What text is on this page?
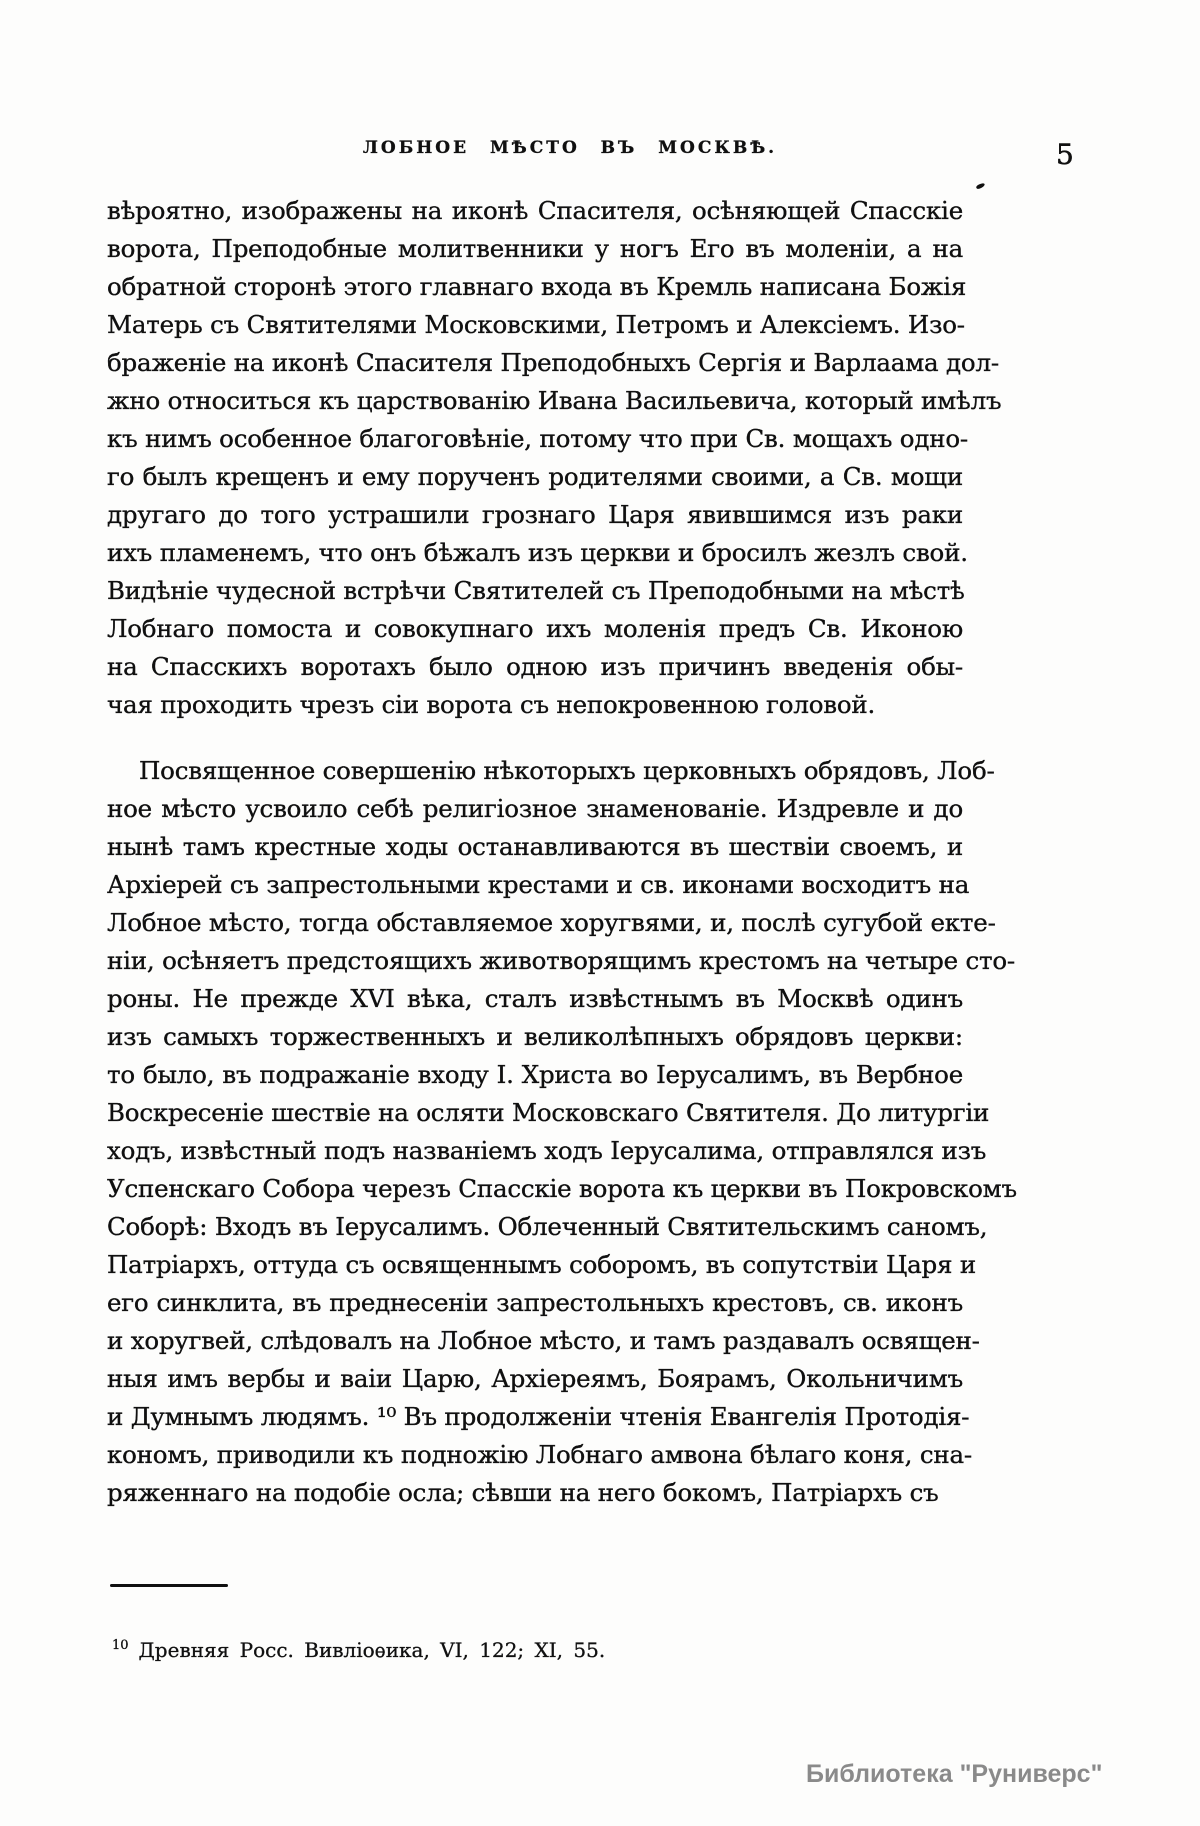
ЛОБНОЕ МѢСТО ВЪ МОСКВѢ.	5
вѣроятно, изображены на иконѣ Спасителя, осѣняющей Спасскіе
ворота, Преподобные молитвенники у ногъ Его въ моленіи, а на
обратной сторонѣ этого главнаго входа въ Кремль написана Божія
Матерь съ Святителями Московскими, Петромъ и Алексіемъ. Изо-
браженіе на иконѣ Спасителя Преподобныхъ Сергія и Варлаама дол-
жно относиться къ царствованію Ивана Васильевича, который имѣлъ
къ нимъ особенное благоговѣніе, потому что при Св. мощахъ одно-
го былъ крещенъ и ему порученъ родителями своими, а Св. мощи
другаго до того устрашили грознаго Царя явившимся изъ раки
ихъ пламенемъ, что онъ бѣжалъ изъ церкви и бросилъ жезлъ свой.
Видѣніе чудесной встрѣчи Святителей съ Преподобными на мѣстѣ
Лобнаго помоста и совокупнаго ихъ моленія предъ Св. Иконою
на Спасскихъ воротахъ было одною изъ причинъ введенія обы-
чая проходить чрезъ сіи ворота съ непокровенною головой.
Посвященное совершенію нѣкоторыхъ церковныхъ обрядовъ, Лоб-
ное мѣсто усвоило себѣ религіозное знаменованіе. Издревле и до
нынѣ тамъ крестные ходы останавливаются въ шествіи своемъ, и
Архіерей съ запрестольными крестами и св. иконами восходитъ на
Лобное мѣсто, тогда обставляемое хоругвями, и, послѣ сугубой екте-
ніи, осѣняетъ предстоящихъ животворящимъ крестомъ на четыре сто-
роны. Не прежде XVI вѣка, сталъ извѣстнымъ въ Москвѣ одинъ
изъ самыхъ торжественныхъ и великолѣпныхъ обрядовъ церкви:
то было, въ подражаніе входу І. Христа во Іерусалимъ, въ Вербное
Воскресеніе шествіе на осляти Московскаго Святителя. До литургіи
ходъ, извѣстный подъ названіемъ ходъ Іерусалима, отправлялся изъ
Успенскаго Собора черезъ Спасскіе ворота къ церкви въ Покровскомъ
Соборѣ: Входъ въ Іерусалимъ. Облеченный Святительскимъ саномъ,
Патріархъ, оттуда съ освященнымъ соборомъ, въ сопутствіи Царя и
его синклита, въ преднесеніи запрестольныхъ крестовъ, св. иконъ
и хоругвей, слѣдовалъ на Лобное мѣсто, и тамъ раздавалъ освящен-
ныя имъ вербы и ваіи Царю, Архіереямъ, Боярамъ, Окольничимъ
и Думнымъ людямъ. ¹⁰ Въ продолженіи чтенія Евангелія Протодія-
кономъ, приводили къ подножію Лобнаго амвона бѣлаго коня, сна-
ряженнаго на подобіе осла; сѣвши на него бокомъ, Патріархъ съ
$^{10}$ Древняя Росс. Вивліоѳика, VI, 122; XI, 55.
Библиотека "Руниверс"
